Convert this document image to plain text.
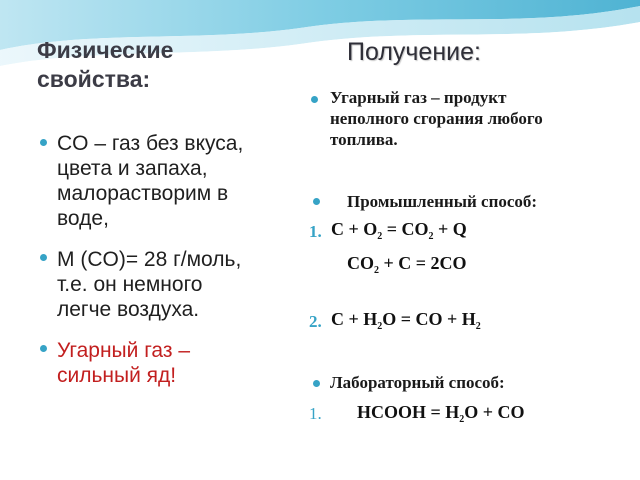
Физические
свойства:
CO – газ без вкуса,
цвета и запаха,
малорастворим в
воде,
M (CO)= 28 г/моль,
т.е. он немного
легче воздуха.
Угарный газ –
сильный яд!
Получение:
Угарный газ – продукт
неполного сгорания любого
топлива.
Промышленный способ:
1. $C + O_2 = CO_2 + Q$
$CO_2 + C = 2CO$
2. $C + H_2O$ = CO + $H_2$
Лабораторный способ:
1. HCOOH = $H_2O$ + CO
